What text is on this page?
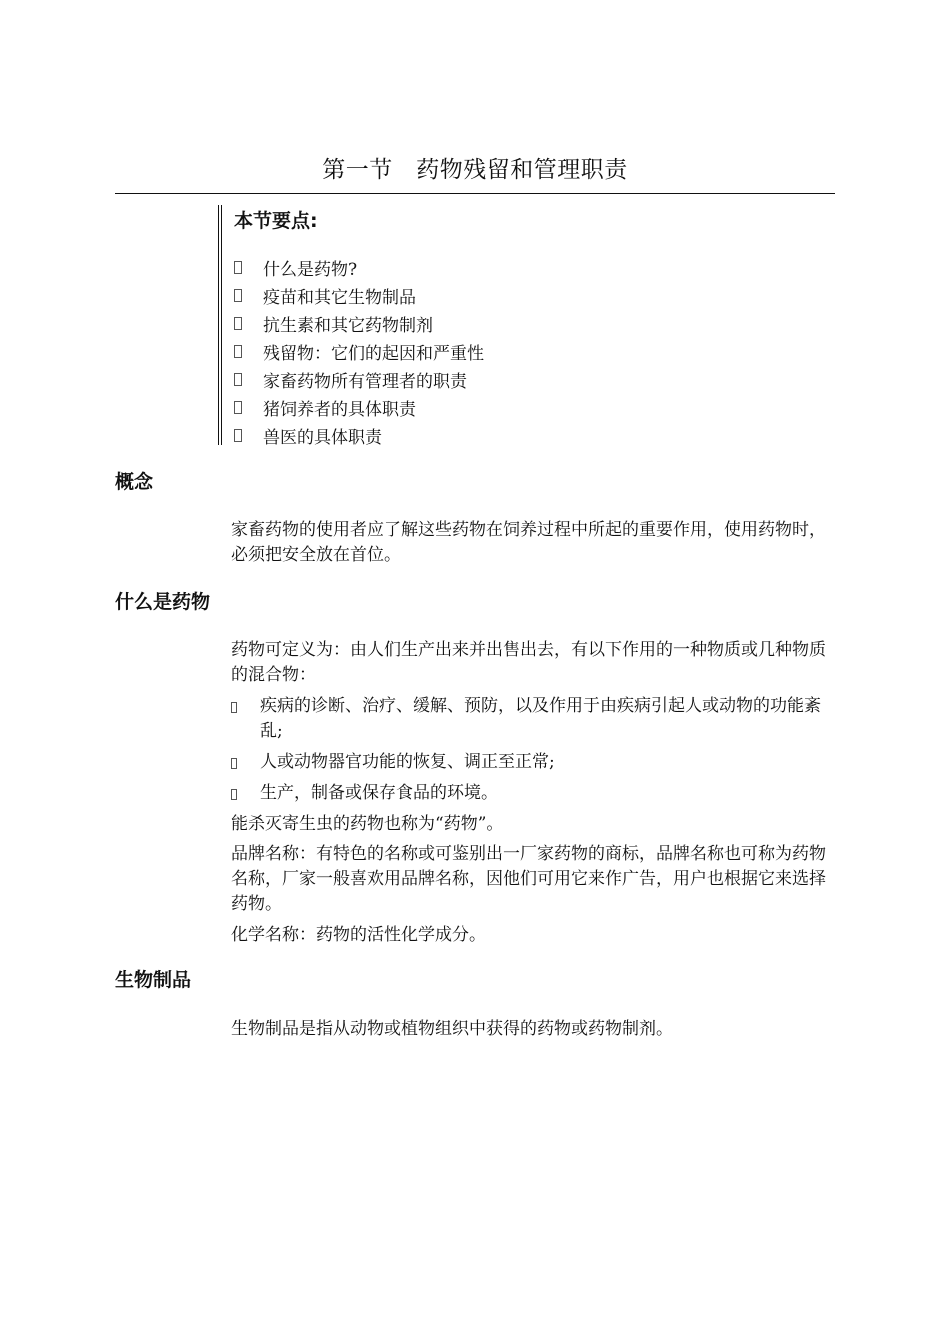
第一节　药物残留和管理职责
本节要点:
什么是药物?
疫苗和其它生物制品
抗生素和其它药物制剂
残留物：它们的起因和严重性
家畜药物所有管理者的职责
猪饲养者的具体职责
兽医的具体职责
概念

家畜药物的使用者应了解这些药物在饲养过程中所起的重要作用，使用药物时，必须把安全放在首位。

什么是药物

药物可定义为：由人们生产出来并出售出去，有以下作用的一种物质或几种物质的混合物：

疾病的诊断、治疗、缓解、预防，以及作用于由疾病引起人或动物的功能紊乱;
人或动物器官功能的恢复、调正至正常;
生产，制备或保存食品的环境。

能杀灭寄生虫的药物也称为“药物”。

品牌名称：有特色的名称或可鉴别出一厂家药物的商标，品牌名称也可称为药物名称，厂家一般喜欢用品牌名称，因他们可用它来作广告，用户也根据它来选择药物。

化学名称：药物的活性化学成分。

生物制品

生物制品是指从动物或植物组织中获得的药物或药物制剂。
